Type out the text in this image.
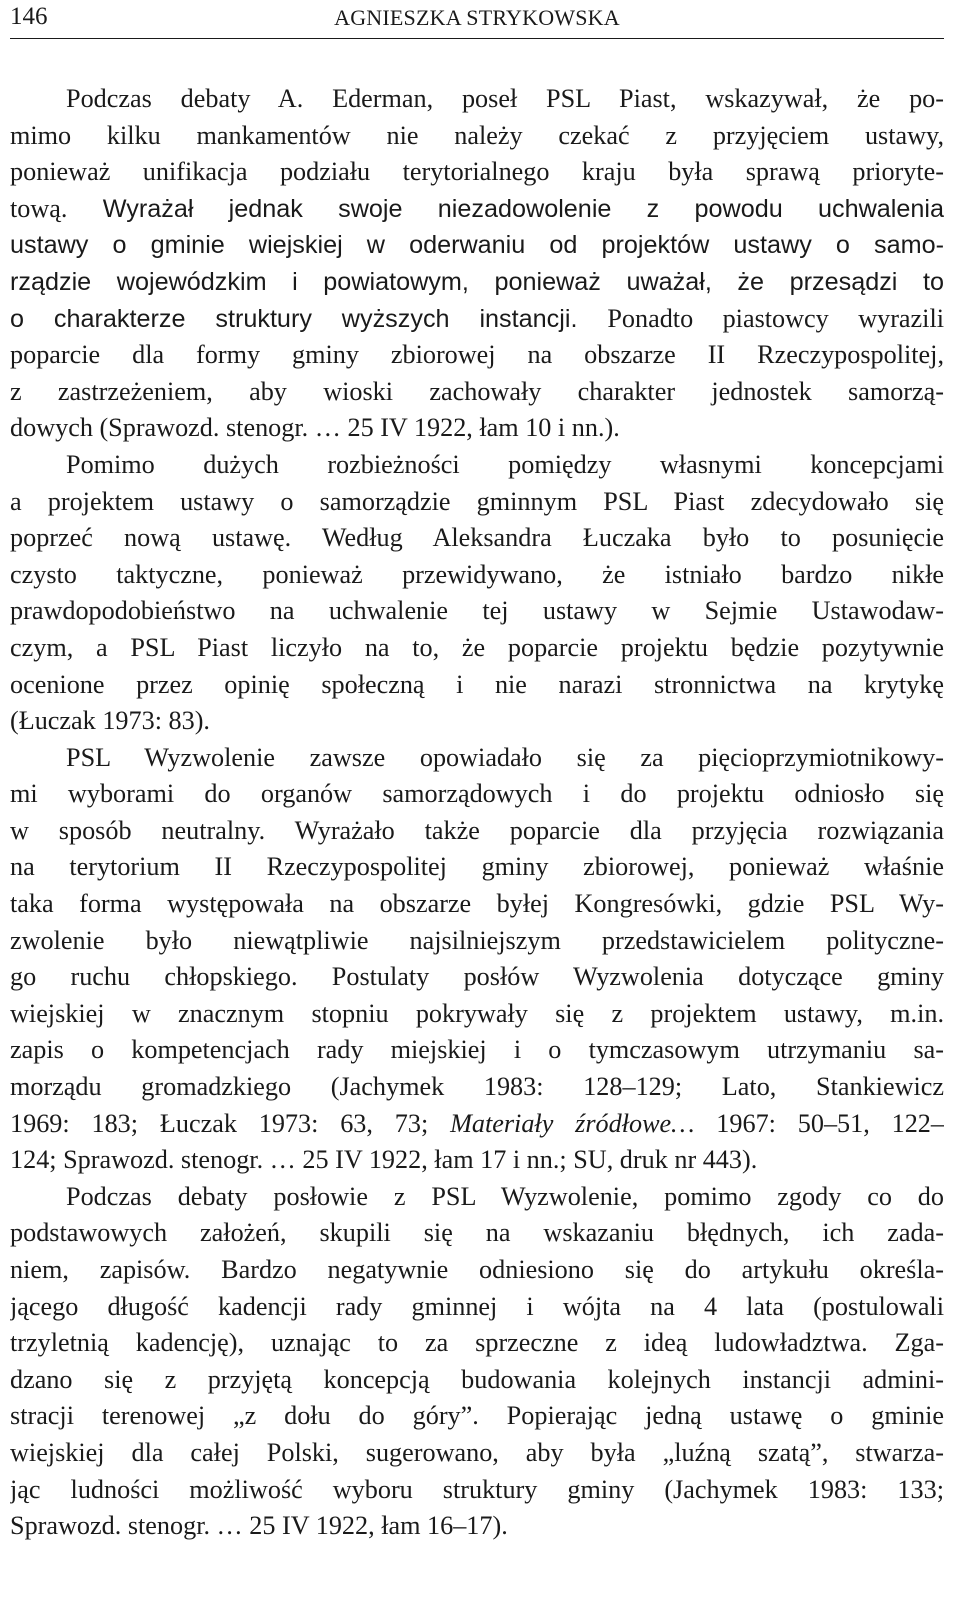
146	AGNIESZKA STRYKOWSKA
Podczas debaty A. Ederman, poseł PSL Piast, wskazywał, że po-
mimo kilku mankamentów nie należy czekać z przyjęciem ustawy,
ponieważ unifikacja podziału terytorialnego kraju była sprawą prioryte-
tową. Wyrażał jednak swoje niezadowolenie z powodu uchwalenia
ustawy o gminie wiejskiej w oderwaniu od projektów ustawy o samo-
rządzie wojewódzkim i powiatowym, ponieważ uważał, że przesądzi to
o charakterze struktury wyższych instancji. Ponadto piastowcy wyrazili
poparcie dla formy gminy zbiorowej na obszarze II Rzeczypospolitej,
z zastrzeżeniem, aby wioski zachowały charakter jednostek samorzą-
dowych (Sprawozd. stenogr. … 25 IV 1922, łam 10 i nn.).
Pomimo dużych rozbieżności pomiędzy własnymi koncepcjami
a projektem ustawy o samorządzie gminnym PSL Piast zdecydowało się
poprzeć nową ustawę. Według Aleksandra Łuczaka było to posunięcie
czysto taktyczne, ponieważ przewidywano, że istniało bardzo nikłe
prawdopodobieństwo na uchwalenie tej ustawy w Sejmie Ustawodaw-
czym, a PSL Piast liczyło na to, że poparcie projektu będzie pozytywnie
ocenione przez opinię społeczną i nie narazi stronnictwa na krytykę
(Łuczak 1973: 83).
PSL Wyzwolenie zawsze opowiadało się za pięcioprzymiotnikowy-
mi wyborami do organów samorządowych i do projektu odniosło się
w sposób neutralny. Wyrażało także poparcie dla przyjęcia rozwiązania
na terytorium II Rzeczypospolitej gminy zbiorowej, ponieważ właśnie
taka forma występowała na obszarze byłej Kongresówki, gdzie PSL Wy-
zwolenie było niewątpliwie najsilniejszym przedstawicielem polityczne-
go ruchu chłopskiego. Postulaty posłów Wyzwolenia dotyczące gminy
wiejskiej w znacznym stopniu pokrywały się z projektem ustawy, m.in.
zapis o kompetencjach rady miejskiej i o tymczasowym utrzymaniu sa-
morządu gromadzkiego (Jachymek 1983: 128–129; Lato, Stankiewicz
1969: 183; Łuczak 1973: 63, 73; Materiały źródłowe… 1967: 50–51, 122–
124; Sprawozd. stenogr. … 25 IV 1922, łam 17 i nn.; SU, druk nr 443).
Podczas debaty posłowie z PSL Wyzwolenie, pomimo zgody co do
podstawowych założeń, skupili się na wskazaniu błędnych, ich zada-
niem, zapisów. Bardzo negatywnie odniesiono się do artykułu określa-
jącego długość kadencji rady gminnej i wójta na 4 lata (postulowali
trzyletnią kadencję), uznając to za sprzeczne z ideą ludowładztwa. Zga-
dzano się z przyjętą koncepcją budowania kolejnych instancji admini-
stracji terenowej „z dołu do góry”. Popierając jedną ustawę o gminie
wiejskiej dla całej Polski, sugerowano, aby była „luźną szatą”, stwarza-
jąc ludności możliwość wyboru struktury gminy (Jachymek 1983: 133;
Sprawozd. stenogr. … 25 IV 1922, łam 16–17).
